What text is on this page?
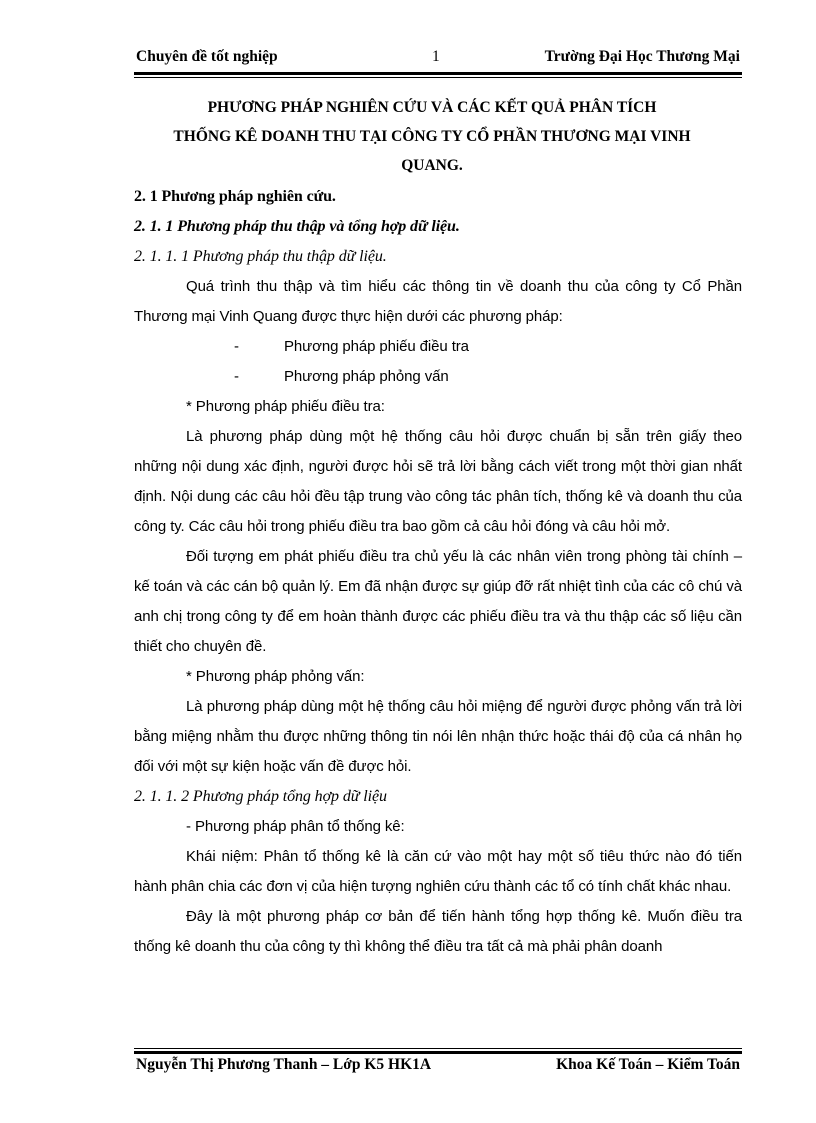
Chuyên đề tốt nghiệp	1	Trường Đại Học Thương Mại
PHƯƠNG PHÁP NGHIÊN CỨU VÀ CÁC KẾT QUẢ PHÂN TÍCH
THỐNG KÊ DOANH THU TẠI CÔNG TY CỔ PHẦN THƯƠNG MẠI VINH
QUANG.

2. 1 Phương pháp nghiên cứu.

2. 1. 1 Phương pháp thu thập và tổng hợp dữ liệu.

2. 1. 1. 1 Phương pháp thu thập dữ liệu.

Quá trình thu thập và tìm hiểu các thông tin về doanh thu của công ty Cổ Phần Thương mại Vinh Quang được thực hiện dưới các phương pháp:

-	Phương pháp phiếu điều tra

-	Phương pháp phỏng vấn

* Phương pháp phiếu điều tra:

Là phương pháp dùng một hệ thống câu hỏi được chuẩn bị sẵn trên giấy theo những nội dung xác định, người được hỏi sẽ trả lời bằng cách viết trong một thời gian nhất định. Nội dung các câu hỏi đều tập trung vào công tác phân tích, thống kê và doanh thu của công ty. Các câu hỏi trong phiếu điều tra bao gồm cả câu hỏi đóng và câu hỏi mở.

Đối tượng em phát phiếu điều tra chủ yếu là các nhân viên trong phòng tài chính – kế toán và các cán bộ quản lý. Em đã nhận được sự giúp đỡ rất nhiệt tình của các cô chú và anh chị trong công ty để em hoàn thành được các phiếu điều tra và thu thập các số liệu cần thiết cho chuyên đề.

* Phương pháp phỏng vấn:

Là phương pháp dùng một hệ thống câu hỏi miệng để người được phỏng vấn trả lời bằng miệng nhằm thu được những thông tin nói lên nhận thức hoặc thái độ của cá nhân họ đối với một sự kiện hoặc vấn đề được hỏi.

2. 1. 1. 2 Phương pháp tổng hợp dữ liệu

- Phương pháp phân tổ thống kê:

Khái niệm: Phân tổ thống kê là căn cứ vào một hay một số tiêu thức nào đó tiến hành phân chia các đơn vị của hiện tượng nghiên cứu thành các tổ có tính chất khác nhau.

Đây là một phương pháp cơ bản để tiến hành tổng hợp thống kê. Muốn điều tra thống kê doanh thu của công ty thì không thể điều tra tất cả mà phải phân doanh

Nguyễn Thị Phương Thanh – Lớp K5 HK1A	Khoa Kế Toán – Kiểm Toán
